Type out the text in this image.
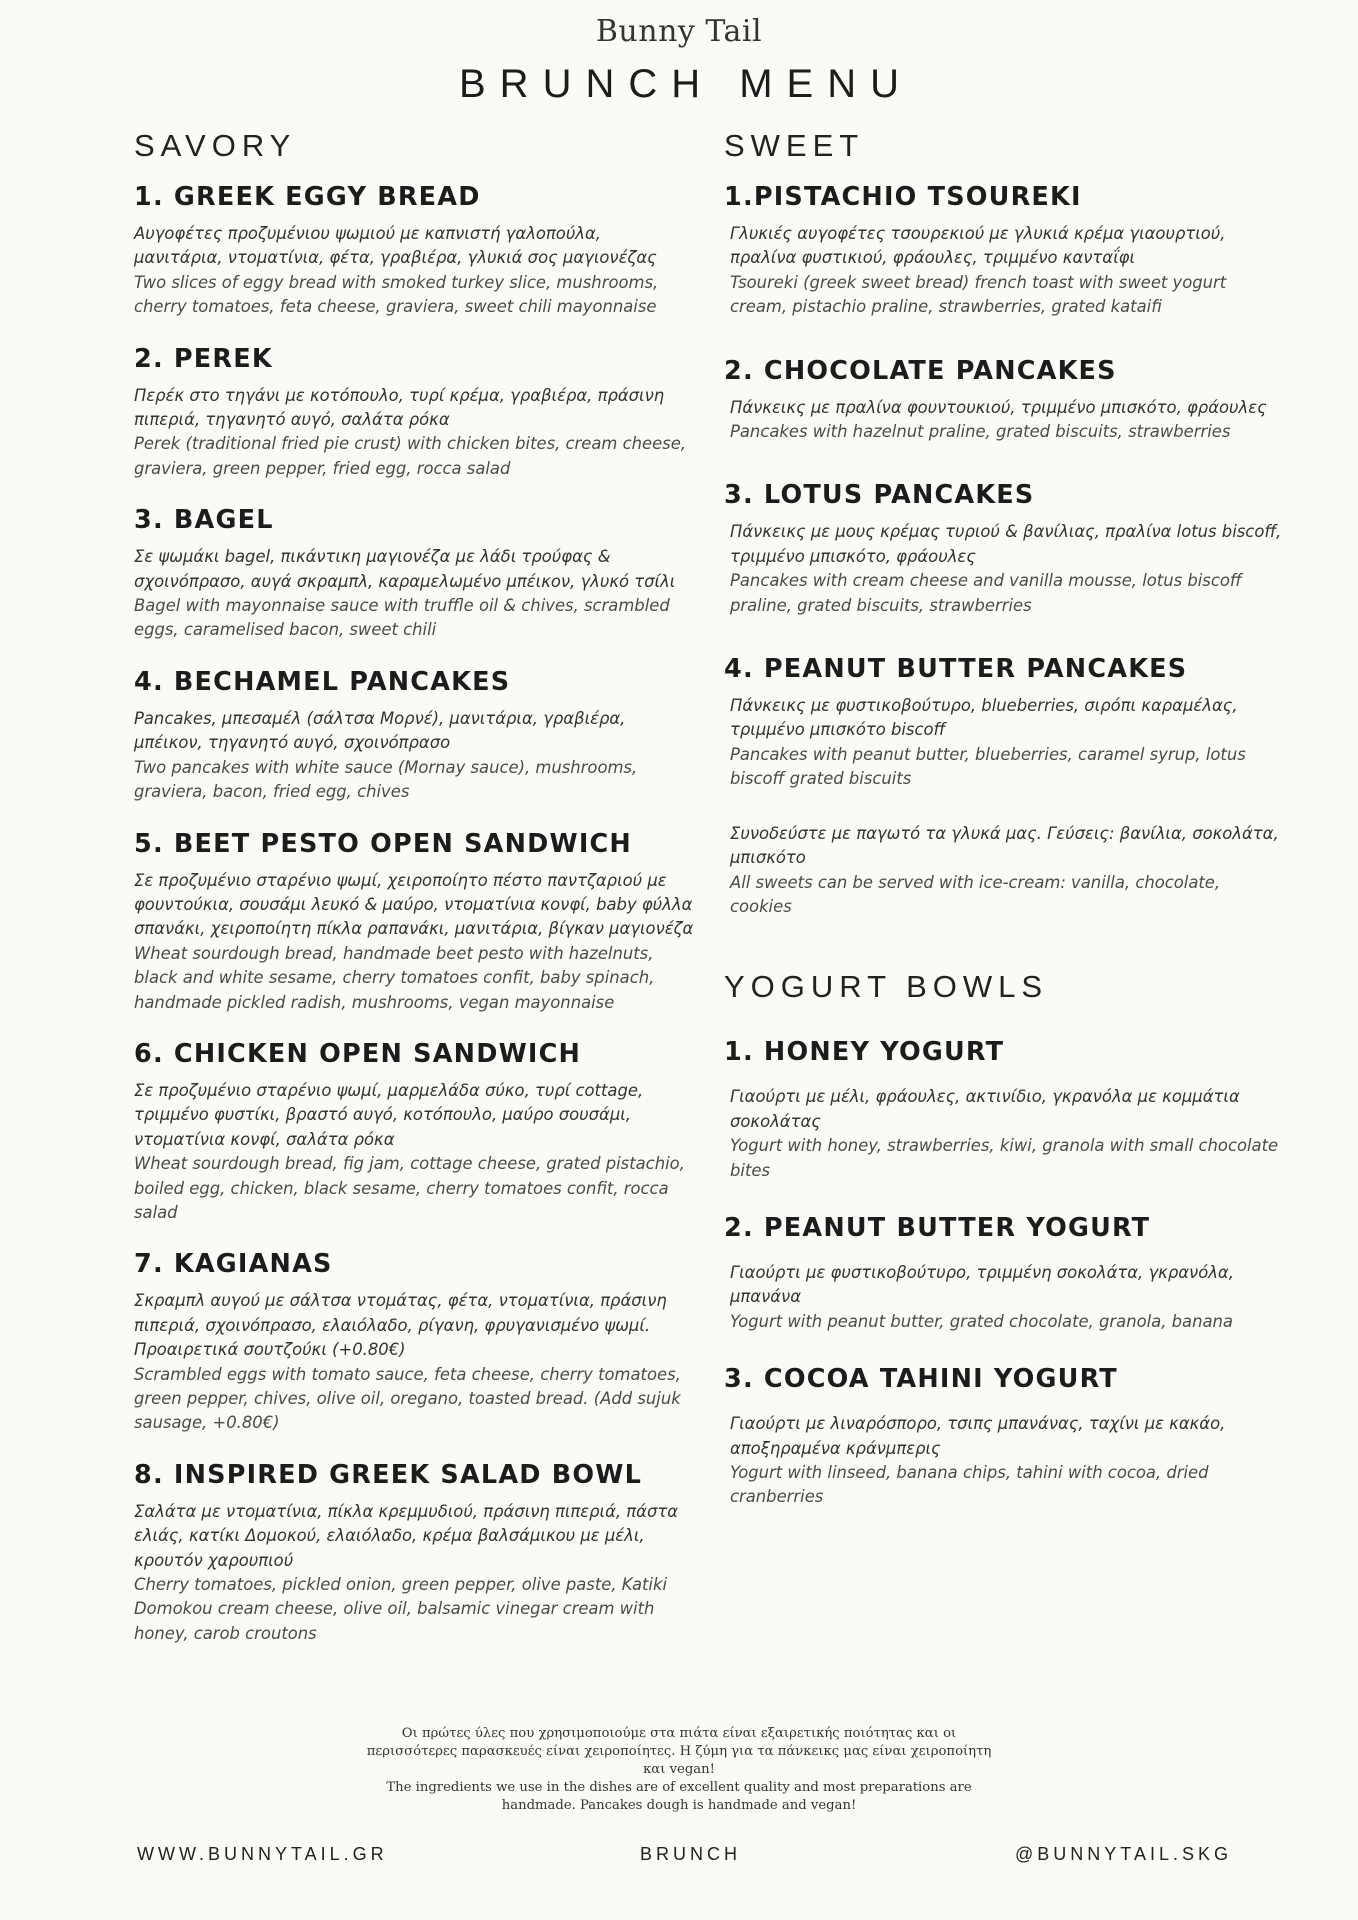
Bunny Tail
BRUNCH MENU
SAVORY
1. GREEK EGGY BREAD
Αυγοφέτες προζυμένιου ψωμιού με καπνιστή γαλοπούλα, μανιτάρια, ντοματίνια, φέτα, γραβιέρα, γλυκιά σος μαγιονέζας
Two slices of eggy bread with smoked turkey slice, mushrooms, cherry tomatoes, feta cheese, graviera, sweet chili mayonnaise
2. PEREK
Περέκ στο τηγάνι με κοτόπουλο, τυρί κρέμα, γραβιέρα, πράσινη πιπεριά, τηγανητό αυγό, σαλάτα ρόκα
Perek (traditional fried pie crust) with chicken bites, cream cheese, graviera, green pepper, fried egg, rocca salad
3. BAGEL
Σε ψωμάκι bagel, πικάντικη μαγιονέζα με λάδι τρούφας & σχοινόπρασο, αυγά σκραμπλ, καραμελωμένο μπέικον, γλυκό τσίλι
Bagel with mayonnaise sauce with truffle oil & chives, scrambled eggs, caramelised bacon, sweet chili
4. BECHAMEL PANCAKES
Pancakes, μπεσαμέλ (σάλτσα Μορνέ), μανιτάρια, γραβιέρα, μπέικον, τηγανητό αυγό, σχοινόπρασο
Two pancakes with white sauce (Mornay sauce), mushrooms, graviera, bacon, fried egg, chives
5. BEET PESTO OPEN SANDWICH
Σε προζυμένιο σταρένιο ψωμί, χειροποίητο πέστο παντζαριού με φουντούκια, σουσάμι λευκό & μαύρο, ντοματίνια κονφί, baby φύλλα σπανάκι, χειροποίητη πίκλα ραπανάκι, μανιτάρια, βίγκαν μαγιονέζα
Wheat sourdough bread, handmade beet pesto with hazelnuts, black and white sesame, cherry tomatoes confit, baby spinach, handmade pickled radish, mushrooms, vegan mayonnaise
6. CHICKEN OPEN SANDWICH
Σε προζυμένιο σταρένιο ψωμί, μαρμελάδα σύκο, τυρί cottage, τριμμένο φυστίκι, βραστό αυγό, κοτόπουλο, μαύρο σουσάμι, ντοματίνια κονφί, σαλάτα ρόκα
Wheat sourdough bread, fig jam, cottage cheese, grated pistachio, boiled egg, chicken, black sesame, cherry tomatoes confit, rocca salad
7. KAGIANAS
Σκραμπλ αυγού με σάλτσα ντομάτας, φέτα, ντοματίνια, πράσινη πιπεριά, σχοινόπρασο, ελαιόλαδο, ρίγανη, φρυγανισμένο ψωμί. Προαιρετικά σουτζούκι (+0.80€)
Scrambled eggs with tomato sauce, feta cheese, cherry tomatoes, green pepper, chives, olive oil, oregano, toasted bread. (Add sujuk sausage, +0.80€)
8. INSPIRED GREEK SALAD BOWL
Σαλάτα με ντοματίνια, πίκλα κρεμμυδιού, πράσινη πιπεριά, πάστα ελιάς, κατίκι Δομοκού, ελαιόλαδο, κρέμα βαλσάμικου με μέλι, κρουτόν χαρουπιού
Cherry tomatoes, pickled onion, green pepper, olive paste, Katiki Domokou cream cheese, olive oil, balsamic vinegar cream with honey, carob croutons
SWEET
1.PISTACHIO TSOUREKI
Γλυκιές αυγοφέτες τσουρεκιού με γλυκιά κρέμα γιαουρτιού, πραλίνα φυστικιού, φράουλες, τριμμένο κανταΐφι
Tsoureki (greek sweet bread) french toast with sweet yogurt cream, pistachio praline, strawberries, grated kataifi
2. CHOCOLATE PANCAKES
Πάνκεικς με πραλίνα φουντουκιού, τριμμένο μπισκότο, φράουλες
Pancakes with hazelnut praline, grated biscuits, strawberries
3. LOTUS PANCAKES
Πάνκεικς με μους κρέμας τυριού & βανίλιας, πραλίνα lotus biscoff, τριμμένο μπισκότο, φράουλες
Pancakes with cream cheese and vanilla mousse, lotus biscoff praline, grated biscuits, strawberries
4. PEANUT BUTTER PANCAKES
Πάνκεικς με φυστικοβούτυρο, blueberries, σιρόπι καραμέλας, τριμμένο μπισκότο biscoff
Pancakes with peanut butter, blueberries, caramel syrup, lotus biscoff grated biscuits
Συνοδεύστε με παγωτό τα γλυκά μας. Γεύσεις: βανίλια, σοκολάτα, μπισκότο
All sweets can be served with ice-cream: vanilla, chocolate, cookies
YOGURT BOWLS
1. HONEY YOGURT
Γιαούρτι με μέλι, φράουλες, ακτινίδιο, γκρανόλα με κομμάτια σοκολάτας
Yogurt with honey, strawberries, kiwi, granola with small chocolate bites
2. PEANUT BUTTER YOGURT
Γιαούρτι με φυστικοβούτυρο, τριμμένη σοκολάτα, γκρανόλα, μπανάνα
Yogurt with peanut butter, grated chocolate, granola, banana
3. COCOA TAHINI YOGURT
Γιαούρτι με λιναρόσπορο, τσιπς μπανάνας, ταχίνι με κακάο, αποξηραμένα κράνμπερις
Yogurt with linseed, banana chips, tahini with cocoa, dried cranberries
Οι πρώτες ύλες που χρησιμοποιούμε στα πιάτα είναι εξαιρετικής ποιότητας και οι περισσότερες παρασκευές είναι χειροποίητες. Η ζύμη για τα πάνκεικς μας είναι χειροποίητη και vegan!
The ingredients we use in the dishes are of excellent quality and most preparations are handmade. Pancakes dough is handmade and vegan!
WWW.BUNNYTAIL.GR	BRUNCH	@BUNNYTAIL.SKG
